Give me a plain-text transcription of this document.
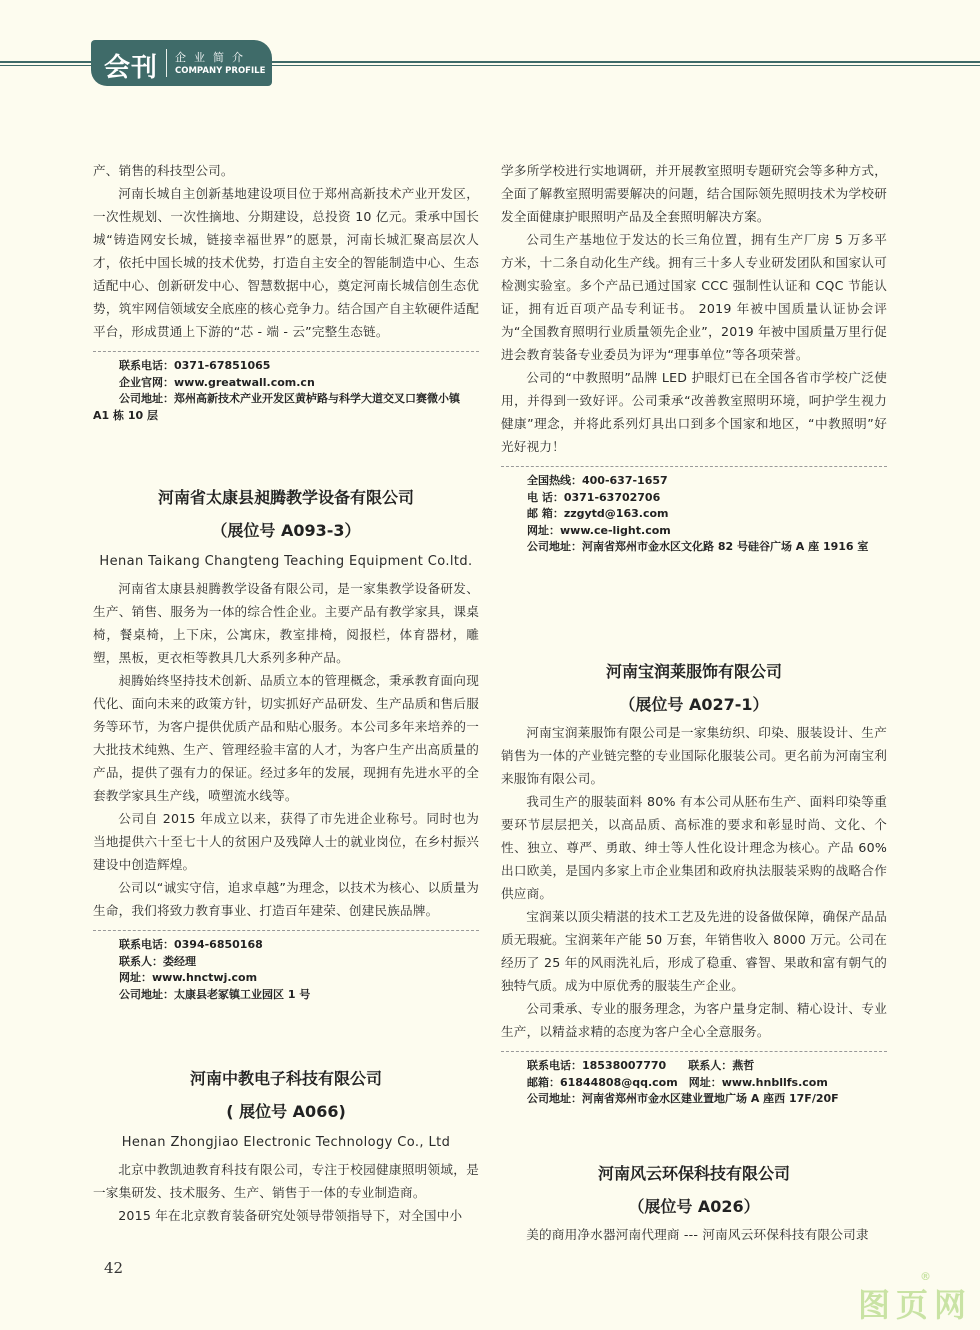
会刊 企业简介
COMPANY PROFILE

产、销售的科技型公司。

河南长城自主创新基地建设项目位于郑州高新技术产业开发区，一次性规划、一次性摘地、分期建设，总投资 10 亿元。秉承中国长城“铸造网安长城，链接幸福世界”的愿景，河南长城汇聚高层次人才，依托中国长城的技术优势，打造自主安全的智能制造中心、生态适配中心、创新研发中心、智慧数据中心，奠定河南长城信创生态优势，筑牢网信领域安全底座的核心竞争力。结合国产自主软硬件适配平台，形成贯通上下游的“芯 - 端 - 云”完整生态链。

联系电话：0371-67851065
企业官网：www.greatwall.com.cn
公司地址：郑州高新技术产业开发区黄栌路与科学大道交叉口赛微小镇 A1 栋 10 层
河南省太康县昶腾教学设备有限公司
（展位号 A093-3）
Henan Taikang Changteng Teaching Equipment Co.ltd.

河南省太康县昶腾教学设备有限公司，是一家集教学设备研发、生产、销售、服务为一体的综合性企业。主要产品有教学家具，课桌椅，餐桌椅，上下床，公寓床，教室排椅，阅报栏，体育器材，雕塑，黑板，更衣柜等教具几大系列多种产品。

昶腾始终坚持技术创新、品质立本的管理概念，秉承教育面向现代化、面向未来的政策方针，切实抓好产品研发、生产品质和售后服务等环节，为客户提供优质产品和贴心服务。本公司多年来培养的一大批技术纯熟、生产、管理经验丰富的人才，为客户生产出高质量的产品，提供了强有力的保证。经过多年的发展，现拥有先进水平的全套教学家具生产线，喷塑流水线等。

公司自 2015 年成立以来，获得了市先进企业称号。同时也为当地提供六十至七十人的贫困户及残障人士的就业岗位，在乡村振兴建设中创造辉煌。

公司以“诚实守信，追求卓越”为理念，以技术为核心、以质量为生命，我们将致力教育事业、打造百年建荣、创建民族品牌。

联系电话：0394-6850168
联系人：娄经理
网址：www.hnctwj.com
公司地址：太康县老冢镇工业园区 1 号
河南中教电子科技有限公司
( 展位号 A066)
Henan Zhongjiao Electronic Technology Co., Ltd

北京中教凯迪教育科技有限公司，专注于校园健康照明领域，是一家集研发、技术服务、生产、销售于一体的专业制造商。

2015 年在北京教育装备研究处领导带领指导下，对全国中小

学多所学校进行实地调研，并开展教室照明专题研究会等多种方式，全面了解教室照明需要解决的问题，结合国际领先照明技术为学校研发全面健康护眼照明产品及全套照明解决方案。

公司生产基地位于发达的长三角位置，拥有生产厂房 5 万多平方米，十二条自动化生产线。拥有三十多人专业研发团队和国家认可检测实验室。多个产品已通过国家 CCC 强制性认证和 CQC 节能认证，拥有近百项产品专利证书。 2019 年被中国质量认证协会评为“全国教育照明行业质量领先企业”，2019 年被中国质量万里行促进会教育装备专业委员为评为“理事单位”等各项荣誉。

公司的“中教照明”品牌 LED 护眼灯已在全国各省市学校广泛使用，并得到一致好评。公司秉承“改善教室照明环境，呵护学生视力健康”理念，并将此系列灯具出口到多个国家和地区，“中教照明”好光好视力！

全国热线：400-637-1657
电 话：0371-63702706
邮 箱：zzgytd@163.com
网址：www.ce-light.com
公司地址：河南省郑州市金水区文化路 82 号硅谷广场 A 座 1916 室
河南宝润莱服饰有限公司
（展位号 A027-1）

河南宝润莱服饰有限公司是一家集纺织、印染、服装设计、生产销售为一体的产业链完整的专业国际化服装公司。更名前为河南宝利来服饰有限公司。

我司生产的服装面料 80% 有本公司从胚布生产、面料印染等重要环节层层把关，以高品质、高标准的要求和彰显时尚、文化、个性、独立、尊严、勇敢、绅士等人性化设计理念为核心。产品 60% 出口欧美，是国内多家上市企业集团和政府执法服装采购的战略合作供应商。

宝润莱以顶尖精湛的技术工艺及先进的设备做保障，确保产品品质无瑕疵。宝润莱年产能 50 万套，年销售收入 8000 万元。公司在经历了 25 年的风雨洗礼后，形成了稳重、睿智、果敢和富有朝气的独特气质。成为中原优秀的服装生产企业。

公司秉承、专业的服务理念，为客户量身定制、精心设计、专业生产，以精益求精的态度为客户全心全意服务。

联系电话：18538007770　　联系人：燕哲
邮箱：61844808@qq.com　网址：www.hnbllfs.com
公司地址：河南省郑州市金水区建业置地广场 A 座西 17F/20F
河南风云环保科技有限公司
（展位号 A026）

美的商用净水器河南代理商 --- 河南风云环保科技有限公司隶

42
图页网
®
